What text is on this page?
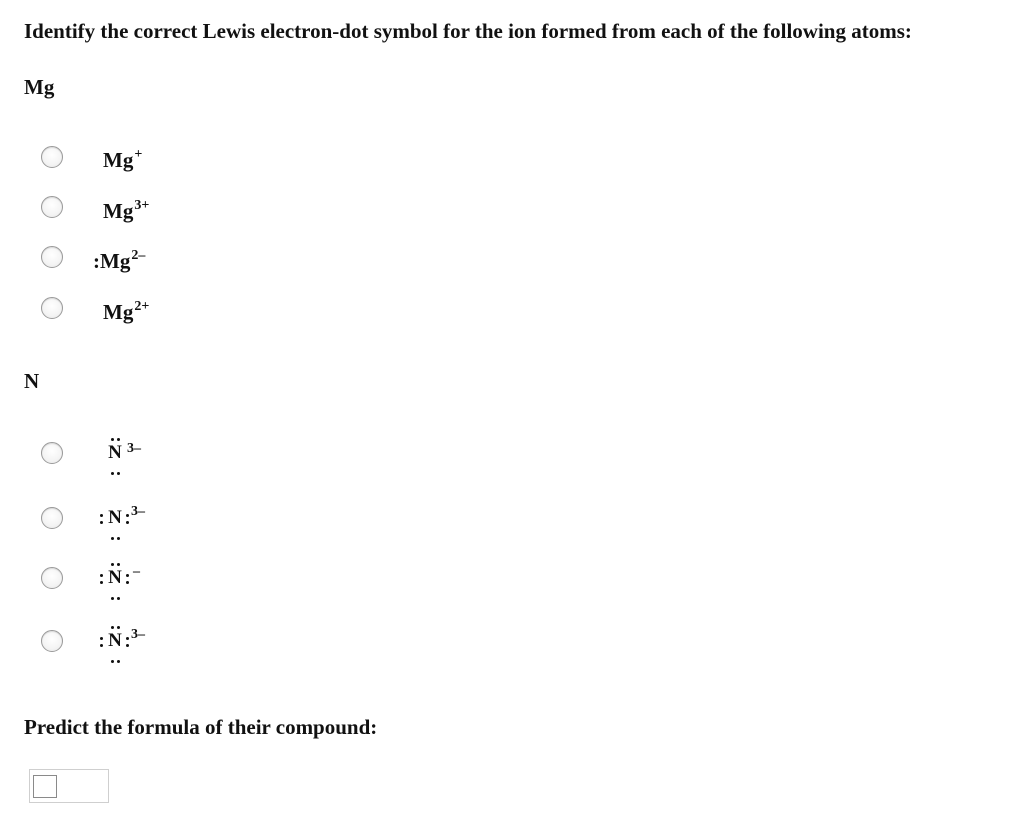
Identify the correct Lewis electron-dot symbol for the ion formed from each of the following atoms:
Mg
Mg+
$Mg^{3+}$
$:Mg^{2-}$
$Mg^{2+}$
N
N 3–
N 3–
N –
N 3–
Predict the formula of their compound:
